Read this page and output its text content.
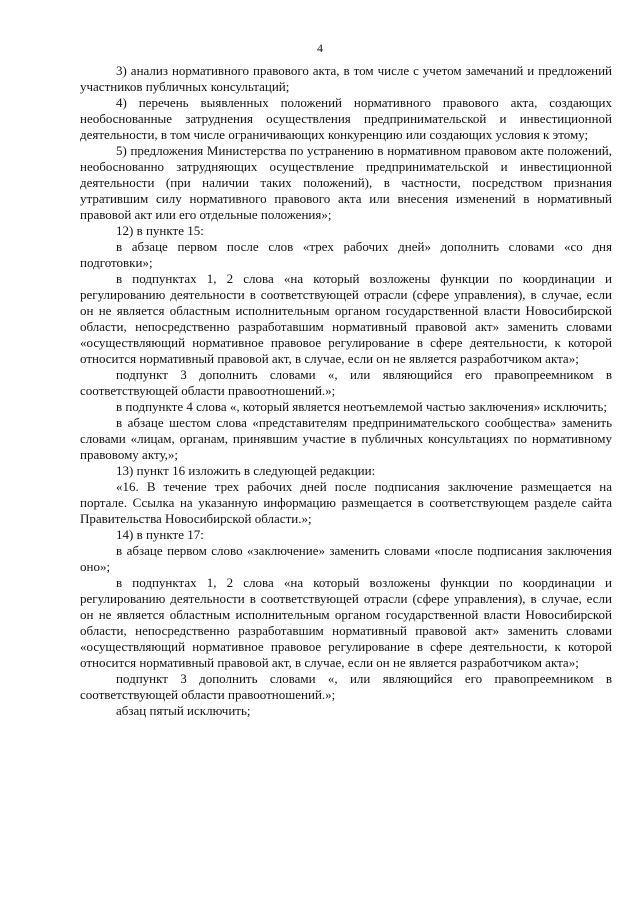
4

3) анализ нормативного правового акта, в том числе с учетом замечаний и предложений участников публичных консультаций;

4) перечень выявленных положений нормативного правового акта, создающих необоснованные затруднения осуществления предпринимательской и инвестиционной деятельности, в том числе ограничивающих конкуренцию или создающих условия к этому;

5) предложения Министерства по устранению в нормативном правовом акте положений, необоснованно затрудняющих осуществление предпринимательской и инвестиционной деятельности (при наличии таких положений), в частности, посредством признания утратившим силу нормативного правового акта или внесения изменений в нормативный правовой акт или его отдельные положения»;

12) в пункте 15:

в абзаце первом после слов «трех рабочих дней» дополнить словами «со дня подготовки»;

в подпунктах 1, 2 слова «на который возложены функции по координации и регулированию деятельности в соответствующей отрасли (сфере управления), в случае, если он не является областным исполнительным органом государственной власти Новосибирской области, непосредственно разработавшим нормативный правовой акт» заменить словами «осуществляющий нормативное правовое регулирование в сфере деятельности, к которой относится нормативный правовой акт, в случае, если он не является разработчиком акта»;

подпункт 3 дополнить словами «, или являющийся его правопреемником в соответствующей области правоотношений.»;

в подпункте 4 слова «, который является неотъемлемой частью заключения» исключить;

в абзаце шестом слова «представителям предпринимательского сообщества» заменить словами «лицам, органам, принявшим участие в публичных консультациях по нормативному правовому акту,»;

13) пункт 16 изложить в следующей редакции:

«16. В течение трех рабочих дней после подписания заключение размещается на портале. Ссылка на указанную информацию размещается в соответствующем разделе сайта Правительства Новосибирской области.»;

14) в пункте 17:

в абзаце первом слово «заключение» заменить словами «после подписания заключения оно»;

в подпунктах 1, 2 слова «на который возложены функции по координации и регулированию деятельности в соответствующей отрасли (сфере управления), в случае, если он не является областным исполнительным органом государственной власти Новосибирской области, непосредственно разработавшим нормативный правовой акт» заменить словами «осуществляющий нормативное правовое регулирование в сфере деятельности, к которой относится нормативный правовой акт, в случае, если он не является разработчиком акта»;

подпункт 3 дополнить словами «, или являющийся его правопреемником в соответствующей области правоотношений.»;

абзац пятый исключить;
